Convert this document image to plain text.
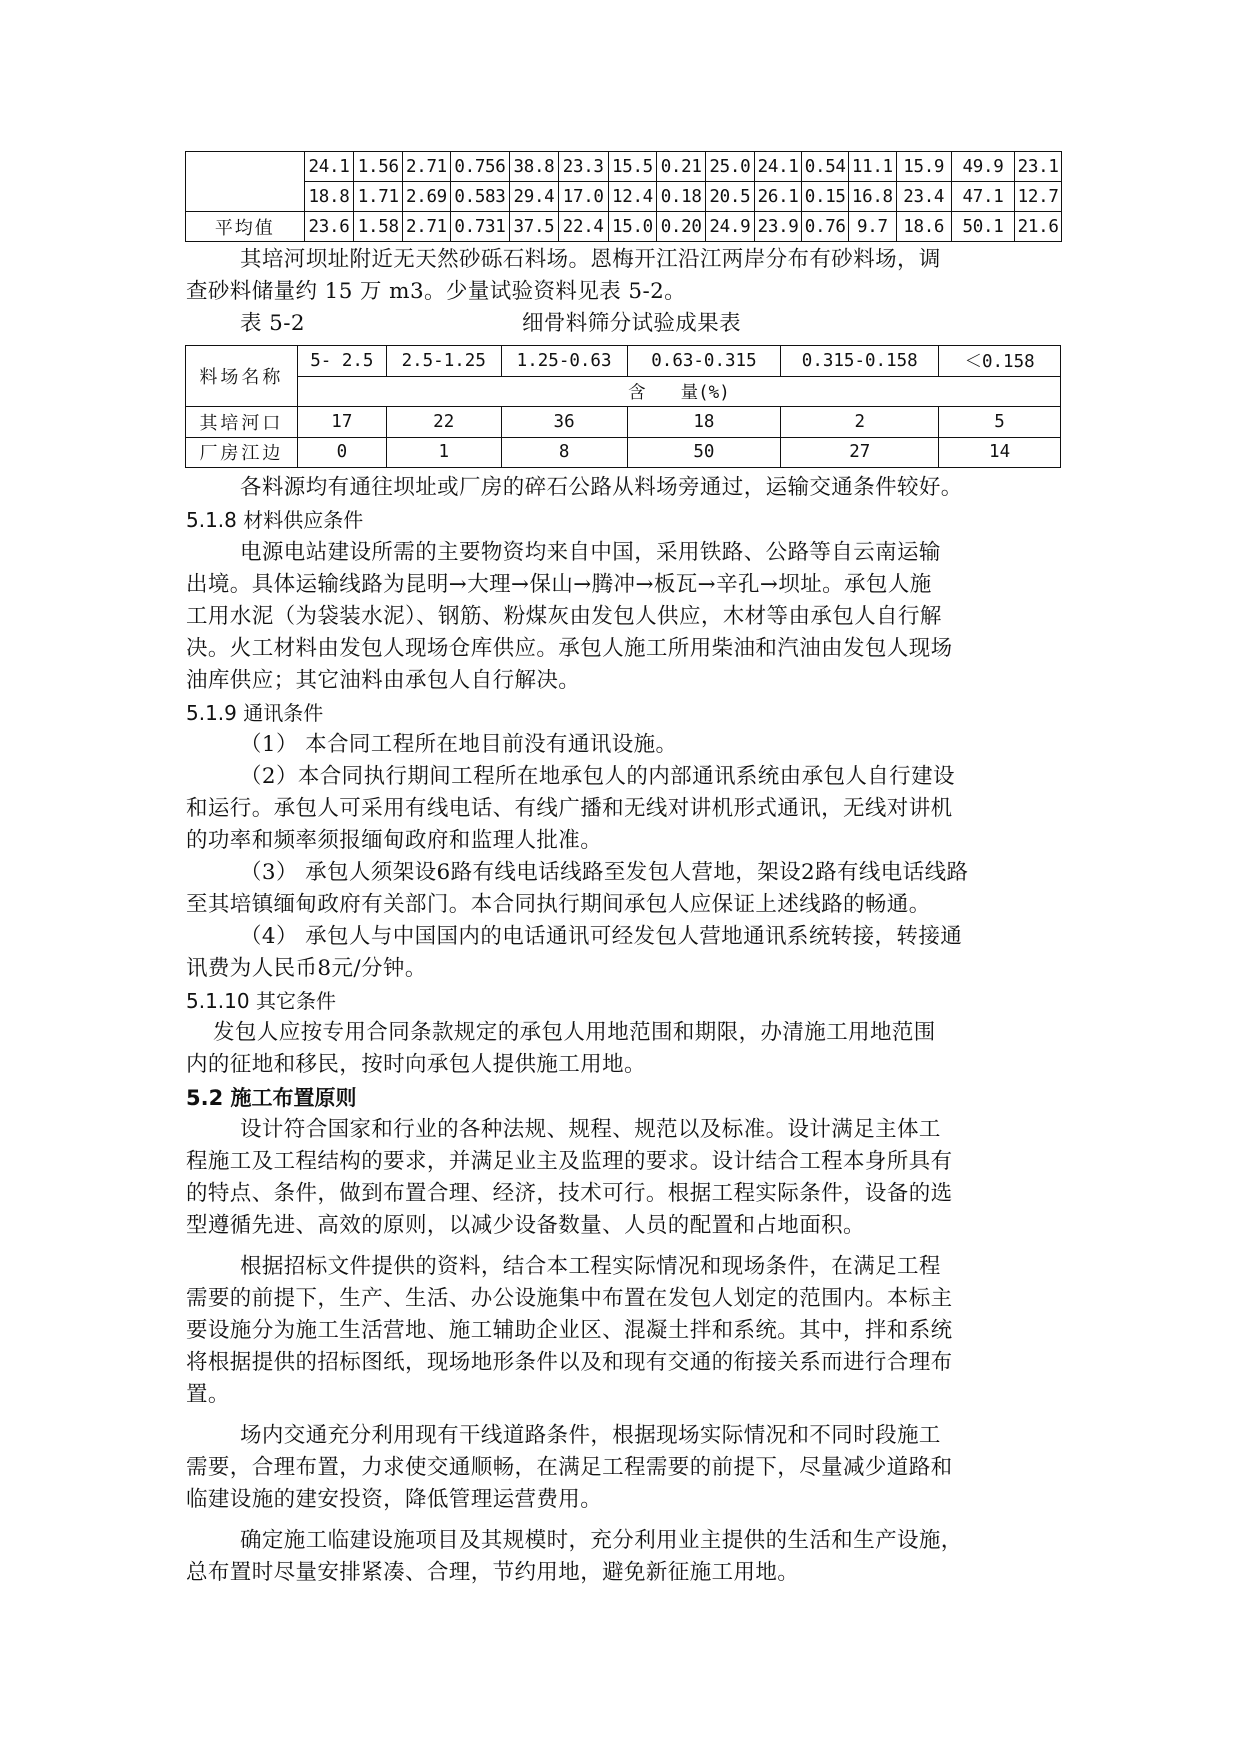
	24.1	1.56	2.71	0.756	38.8	23.3	15.5	0.21	25.0	24.1	0.54	11.1	15.9	49.9	23.1
	18.8	1.71	2.69	0.583	29.4	17.0	12.4	0.18	20.5	26.1	0.15	16.8	23.4	47.1	12.7
平均值	23.6	1.58	2.71	0.731	37.5	22.4	15.0	0.20	24.9	23.9	0.76	9.7	18.6	50.1	21.6
其培河坝址附近无天然砂砾石料场。恩梅开江沿江两岸分布有砂料场，调
查砂料储量约 15 万 m3。少量试验资料见表 5-2。
表 5-2	细骨料筛分试验成果表
料场名称	5- 2.5	2.5-1.25	1.25-0.63	0.63-0.315	0.315-0.158	＜0.158
	含　　量(%)					
其培河口	17	22	36	18	2	5
厂房江边	0	1	8	50	27	14
各料源均有通往坝址或厂房的碎石公路从料场旁通过，运输交通条件较好。
5.1.8 材料供应条件
电源电站建设所需的主要物资均来自中国，采用铁路、公路等自云南运输
出境。具体运输线路为昆明→大理→保山→腾冲→板瓦→辛孔→坝址。承包人施
工用水泥（为袋装水泥）、钢筋、粉煤灰由发包人供应，木材等由承包人自行解
决。火工材料由发包人现场仓库供应。承包人施工所用柴油和汽油由发包人现场
油库供应；其它油料由承包人自行解决。
5.1.9 通讯条件
（1） 本合同工程所在地目前没有通讯设施。
（2）本合同执行期间工程所在地承包人的内部通讯系统由承包人自行建设
和运行。承包人可采用有线电话、有线广播和无线对讲机形式通讯，无线对讲机
的功率和频率须报缅甸政府和监理人批准。
（3） 承包人须架设6路有线电话线路至发包人营地，架设2路有线电话线路
至其培镇缅甸政府有关部门。本合同执行期间承包人应保证上述线路的畅通。
（4） 承包人与中国国内的电话通讯可经发包人营地通讯系统转接，转接通
讯费为人民币8元/分钟。
5.1.10 其它条件
发包人应按专用合同条款规定的承包人用地范围和期限，办清施工用地范围
内的征地和移民，按时向承包人提供施工用地。
5.2 施工布置原则
设计符合国家和行业的各种法规、规程、规范以及标准。设计满足主体工
程施工及工程结构的要求，并满足业主及监理的要求。设计结合工程本身所具有
的特点、条件，做到布置合理、经济，技术可行。根据工程实际条件，设备的选
型遵循先进、高效的原则，以减少设备数量、人员的配置和占地面积。
根据招标文件提供的资料，结合本工程实际情况和现场条件，在满足工程
需要的前提下，生产、生活、办公设施集中布置在发包人划定的范围内。本标主
要设施分为施工生活营地、施工辅助企业区、混凝土拌和系统。其中，拌和系统
将根据提供的招标图纸，现场地形条件以及和现有交通的衔接关系而进行合理布
置。
场内交通充分利用现有干线道路条件，根据现场实际情况和不同时段施工
需要，合理布置，力求使交通顺畅，在满足工程需要的前提下，尽量减少道路和
临建设施的建安投资，降低管理运营费用。
确定施工临建设施项目及其规模时，充分利用业主提供的生活和生产设施，
总布置时尽量安排紧凑、合理，节约用地，避免新征施工用地。
